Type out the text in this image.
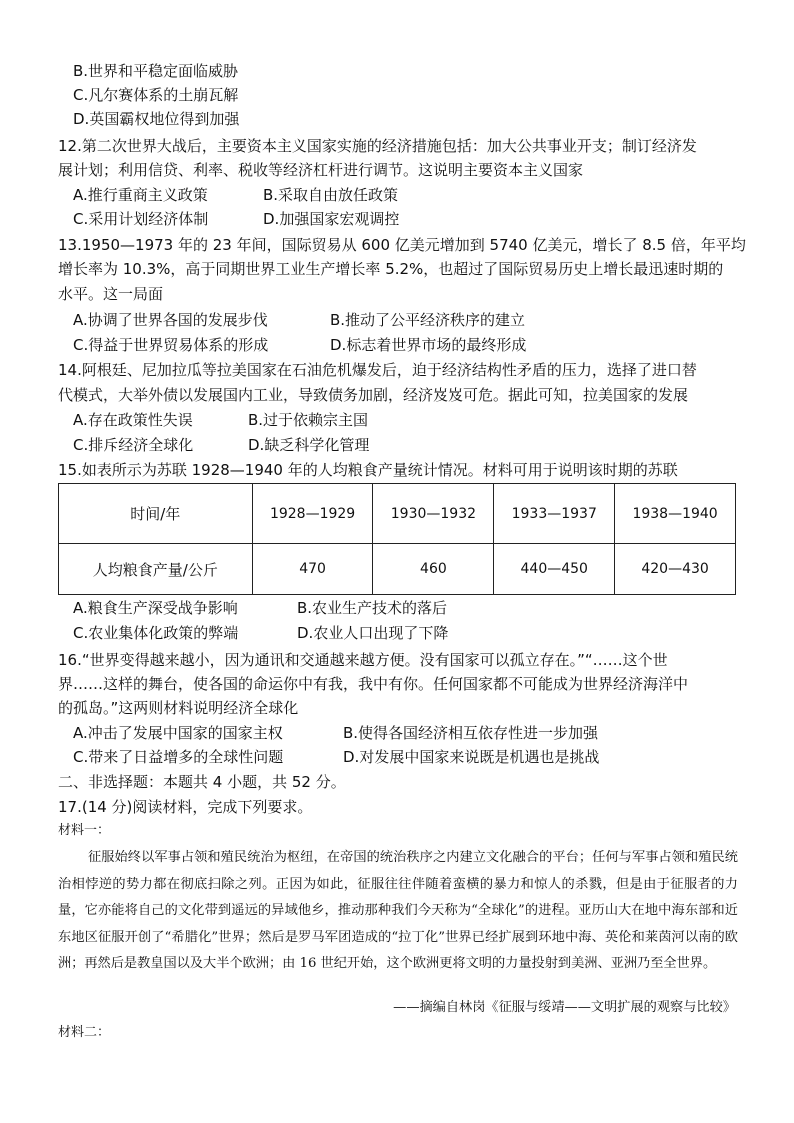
B.世界和平稳定面临威胁
C.凡尔赛体系的土崩瓦解
D.英国霸权地位得到加强
12.第二次世界大战后，主要资本主义国家实施的经济措施包括：加大公共事业开支；制订经济发
展计划；利用信贷、利率、税收等经济杠杆进行调节。这说明主要资本主义国家
A.推行重商主义政策	B.采取自由放任政策
C.采用计划经济体制	D.加强国家宏观调控
13.1950—1973 年的 23 年间，国际贸易从 600 亿美元增加到 5740 亿美元，增长了 8.5 倍，年平均
增长率为 10.3%，高于同期世界工业生产增长率 5.2%，也超过了国际贸易历史上增长最迅速时期的
水平。这一局面
A.协调了世界各国的发展步伐	B.推动了公平经济秩序的建立
C.得益于世界贸易体系的形成	D.标志着世界市场的最终形成
14.阿根廷、尼加拉瓜等拉美国家在石油危机爆发后，迫于经济结构性矛盾的压力，选择了进口替
代模式，大举外债以发展国内工业，导致债务加剧，经济岌岌可危。据此可知，拉美国家的发展
A.存在政策性失误	B.过于依赖宗主国
C.排斥经济全球化	D.缺乏科学化管理
15.如表所示为苏联 1928—1940 年的人均粮食产量统计情况。材料可用于说明该时期的苏联
时间/年	1928—1929	1930—1932	1933—1937	1938—1940
人均粮食产量/公斤	470	460	440—450	420—430
A.粮食生产深受战争影响	B.农业生产技术的落后
C.农业集体化政策的弊端	D.农业人口出现了下降
16.“世界变得越来越小，因为通讯和交通越来越方便。没有国家可以孤立存在。”“……这个世
界……这样的舞台，使各国的命运你中有我，我中有你。任何国家都不可能成为世界经济海洋中
的孤岛。”这两则材料说明经济全球化
A.冲击了发展中国家的国家主权	B.使得各国经济相互依存性进一步加强
C.带来了日益增多的全球性问题	D.对发展中国家来说既是机遇也是挑战
二、非选择题：本题共 4 小题，共 52 分。
17.(14 分)阅读材料，完成下列要求。
材料一：

征服始终以军事占领和殖民统治为枢纽，在帝国的统治秩序之内建立文化融合的平台；任何与军事占领和殖民统治相悖逆的势力都在彻底扫除之列。正因为如此，征服往往伴随着蛮横的暴力和惊人的杀戮，但是由于征服者的力量，它亦能将自己的文化带到遥远的异域他乡，推动那种我们今天称为“全球化”的进程。亚历山大在地中海东部和近东地区征服开创了“希腊化”世界；然后是罗马军团造成的“拉丁化”世界已经扩展到环地中海、英伦和莱茵河以南的欧洲；再然后是教皇国以及大半个欧洲；由 16 世纪开始，这个欧洲更将文明的力量投射到美洲、亚洲乃至全世界。

——摘编自林岗《征服与绥靖——文明扩展的观察与比较》
材料二：
